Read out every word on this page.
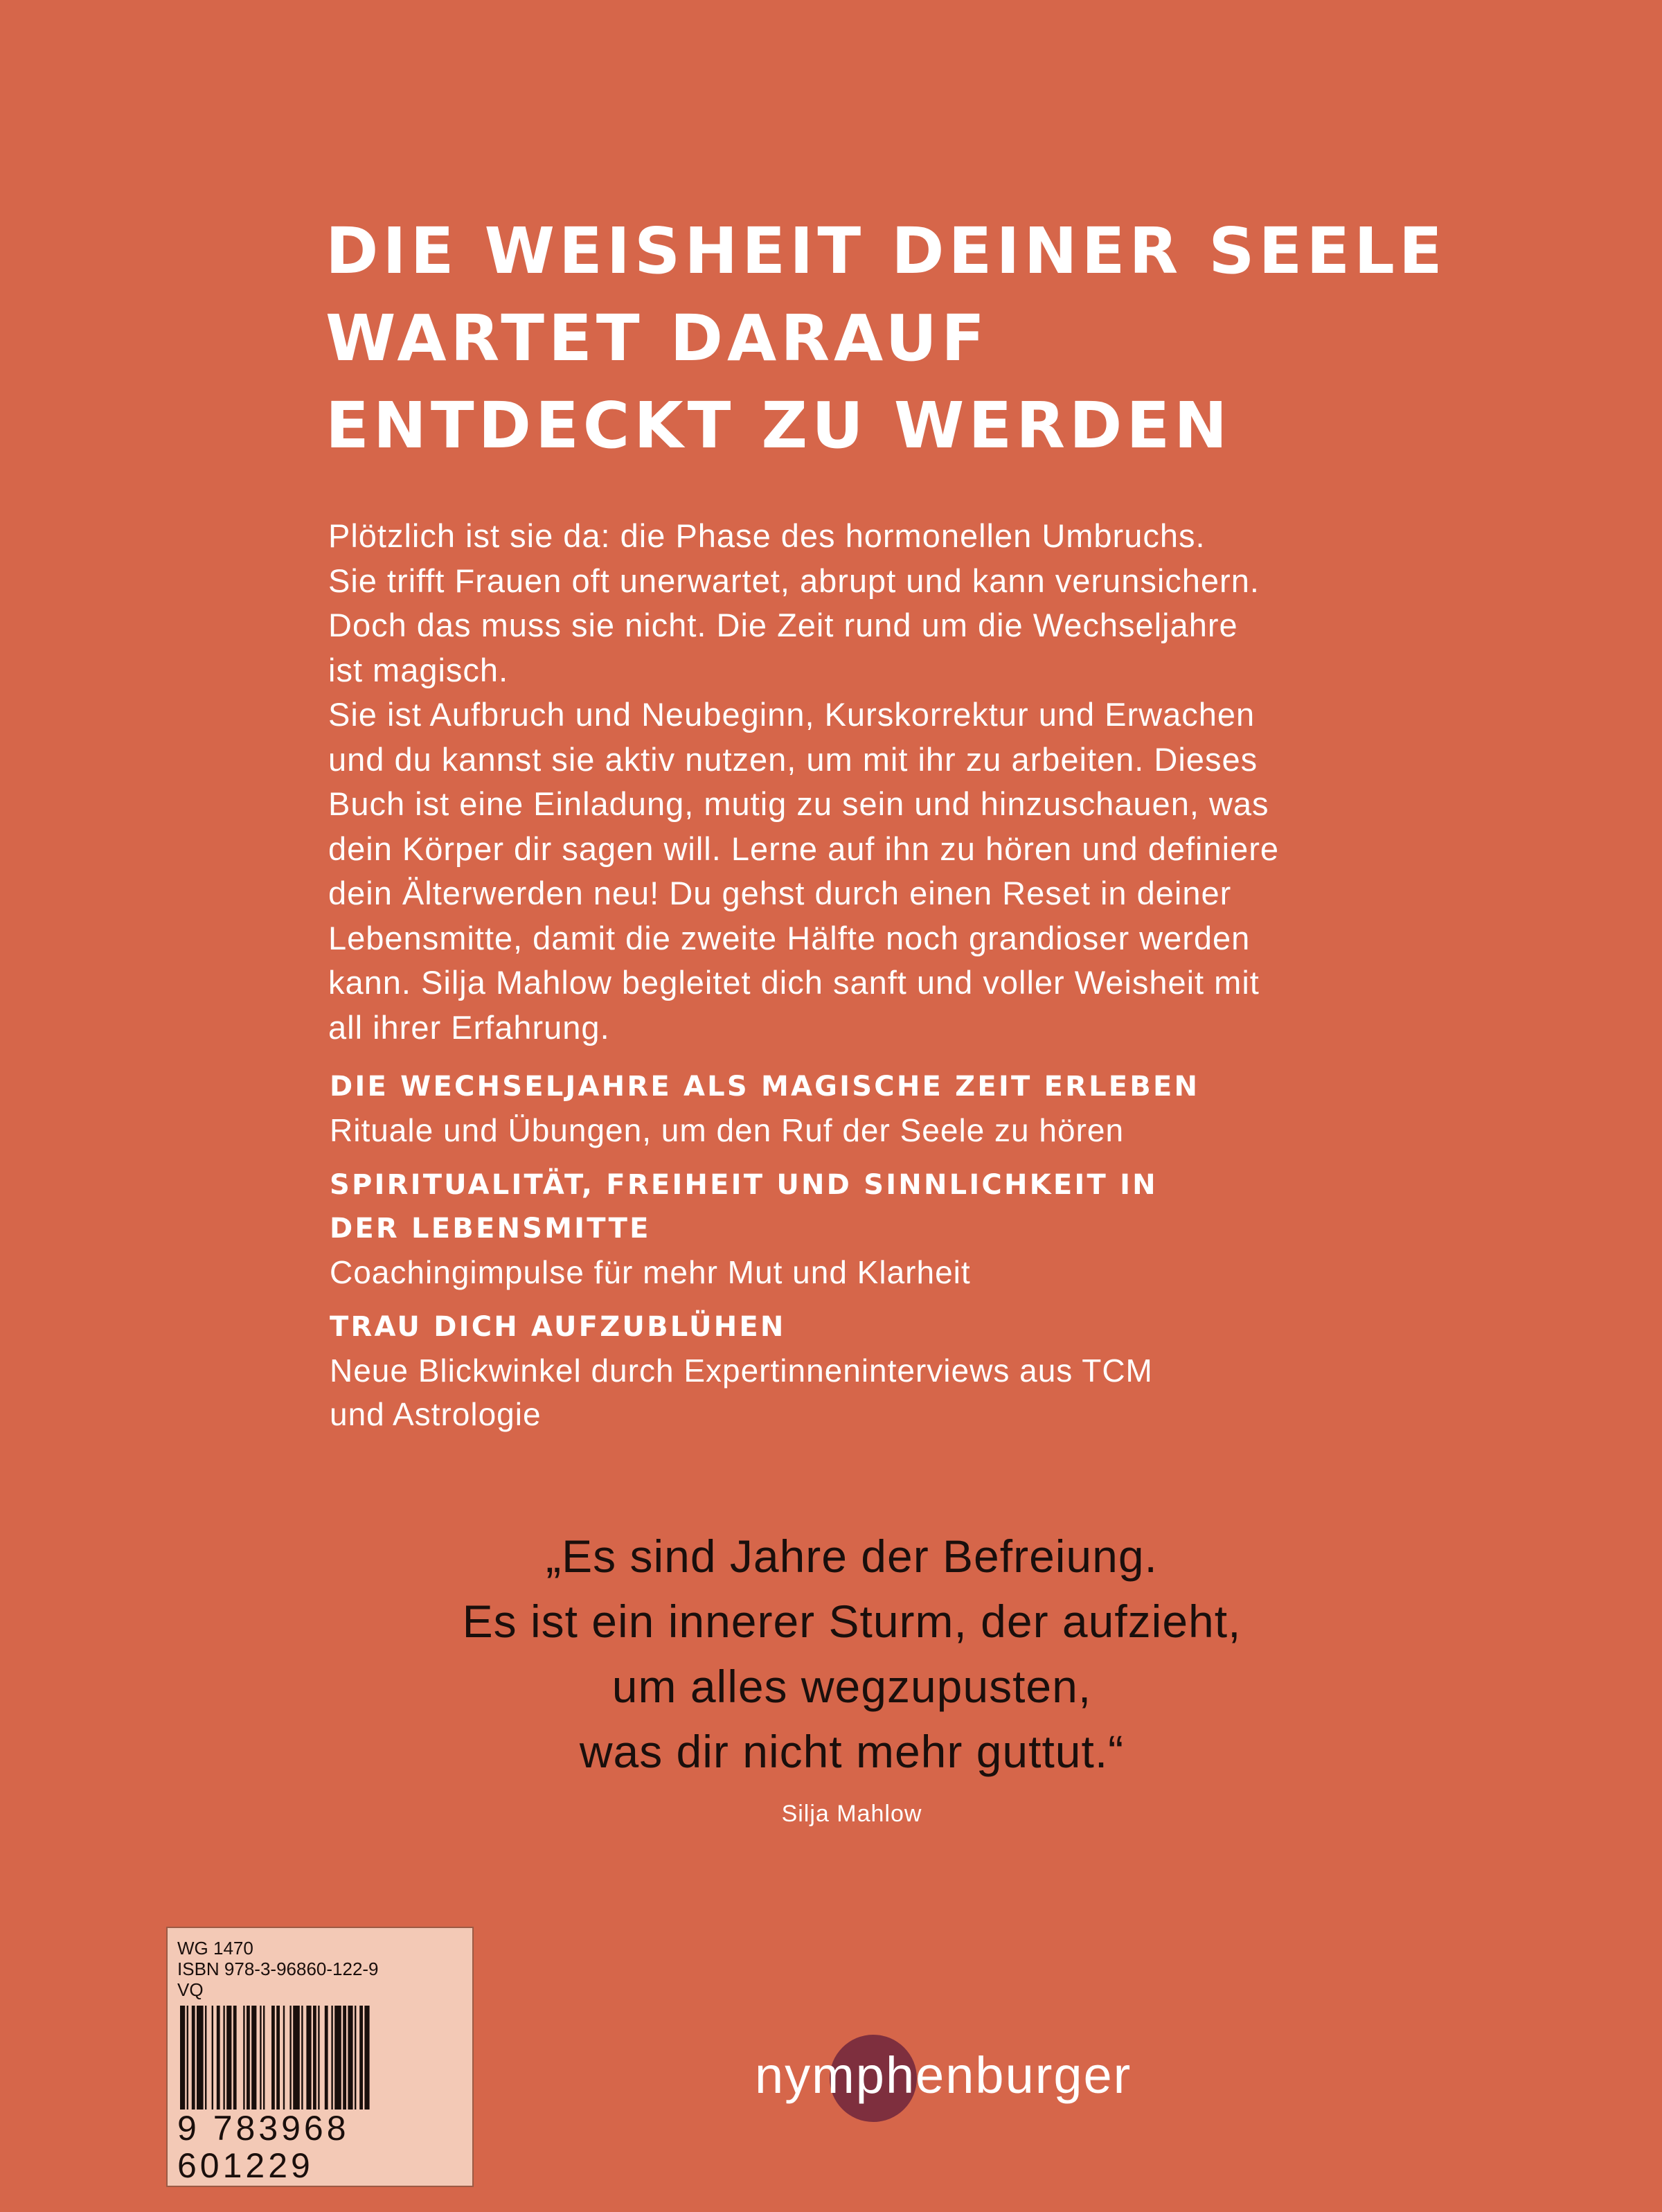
DIE WEISHEIT DEINER SEELE
WARTET DARAUF
ENTDECKT ZU WERDEN
Plötzlich ist sie da: die Phase des hormonellen Umbruchs.
Sie trifft Frauen oft unerwartet, abrupt und kann verunsichern.
Doch das muss sie nicht. Die Zeit rund um die Wechseljahre
ist magisch.
Sie ist Aufbruch und Neubeginn, Kurskorrektur und Erwachen
und du kannst sie aktiv nutzen, um mit ihr zu arbeiten. Dieses
Buch ist eine Einladung, mutig zu sein und hinzuschauen, was
dein Körper dir sagen will. Lerne auf ihn zu hören und definiere
dein Älterwerden neu! Du gehst durch einen Reset in deiner
Lebensmitte, damit die zweite Hälfte noch grandioser werden
kann. Silja Mahlow begleitet dich sanft und voller Weisheit mit
all ihrer Erfahrung.
DIE WECHSELJAHRE ALS MAGISCHE ZEIT ERLEBEN
Rituale und Übungen, um den Ruf der Seele zu hören
SPIRITUALITÄT, FREIHEIT UND SINNLICHKEIT IN
DER LEBENSMITTE
Coachingimpulse für mehr Mut und Klarheit
TRAU DICH AUFZUBLÜHEN
Neue Blickwinkel durch Expertinneninterviews aus TCM
und Astrologie
„Es sind Jahre der Befreiung.
Es ist ein innerer Sturm, der aufzieht,
um alles wegzupusten,
was dir nicht mehr guttut.“
Silja Mahlow
WG 1470
ISBN 978-3-96860-122-9
VQ
9 783968 601229
nymphenburger
